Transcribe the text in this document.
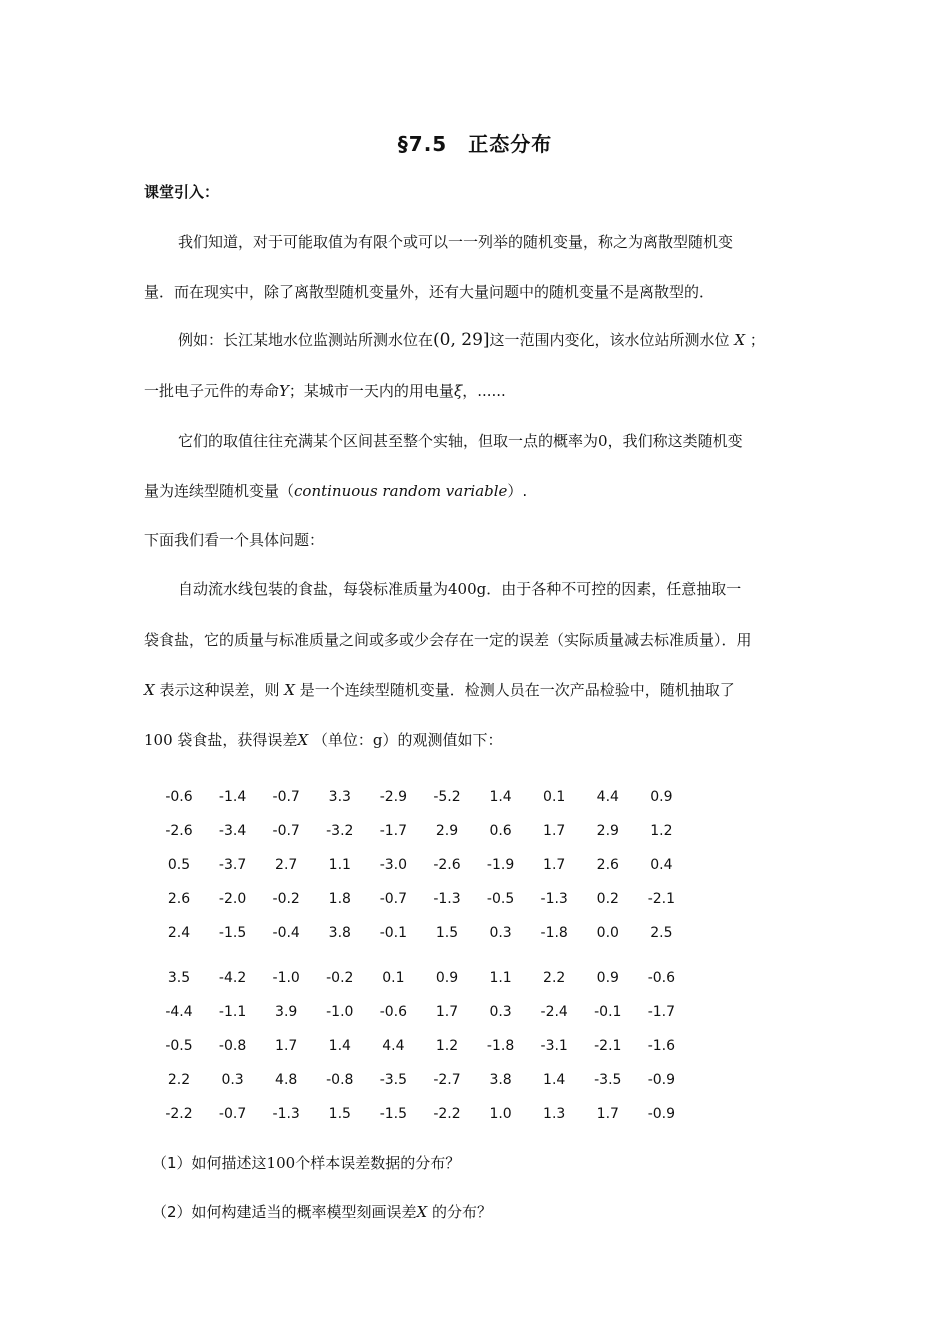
§7.5　正态分布
课堂引入：
我们知道，对于可能取值为有限个或可以一一列举的随机变量，称之为离散型随机变
量．而在现实中，除了离散型随机变量外，还有大量问题中的随机变量不是离散型的．
例如：长江某地水位监测站所测水位在(0, 29]这一范围内变化，该水位站所测水位 X ；
一批电子元件的寿命Y；某城市一天内的用电量ξ，......
它们的取值往往充满某个区间甚至整个实轴，但取一点的概率为0，我们称这类随机变
量为连续型随机变量（continuous random variable）.
下面我们看一个具体问题：
自动流水线包装的食盐，每袋标准质量为400g．由于各种不可控的因素，任意抽取一
袋食盐，它的质量与标准质量之间或多或少会存在一定的误差（实际质量减去标准质量）．用
X 表示这种误差，则 X 是一个连续型随机变量．检测人员在一次产品检验中，随机抽取了
100 袋食盐，获得误差X （单位：g）的观测值如下：
-0.6	-1.4	-0.7	3.3	-2.9	-5.2	1.4	0.1	4.4	0.9
-2.6	-3.4	-0.7	-3.2	-1.7	2.9	0.6	1.7	2.9	1.2
0.5	-3.7	2.7	1.1	-3.0	-2.6	-1.9	1.7	2.6	0.4
2.6	-2.0	-0.2	1.8	-0.7	-1.3	-0.5	-1.3	0.2	-2.1
2.4	-1.5	-0.4	3.8	-0.1	1.5	0.3	-1.8	0.0	2.5
3.5	-4.2	-1.0	-0.2	0.1	0.9	1.1	2.2	0.9	-0.6
-4.4	-1.1	3.9	-1.0	-0.6	1.7	0.3	-2.4	-0.1	-1.7
-0.5	-0.8	1.7	1.4	4.4	1.2	-1.8	-3.1	-2.1	-1.6
2.2	0.3	4.8	-0.8	-3.5	-2.7	3.8	1.4	-3.5	-0.9
-2.2	-0.7	-1.3	1.5	-1.5	-2.2	1.0	1.3	1.7	-0.9
（1）如何描述这100个样本误差数据的分布？
（2）如何构建适当的概率模型刻画误差X 的分布？
